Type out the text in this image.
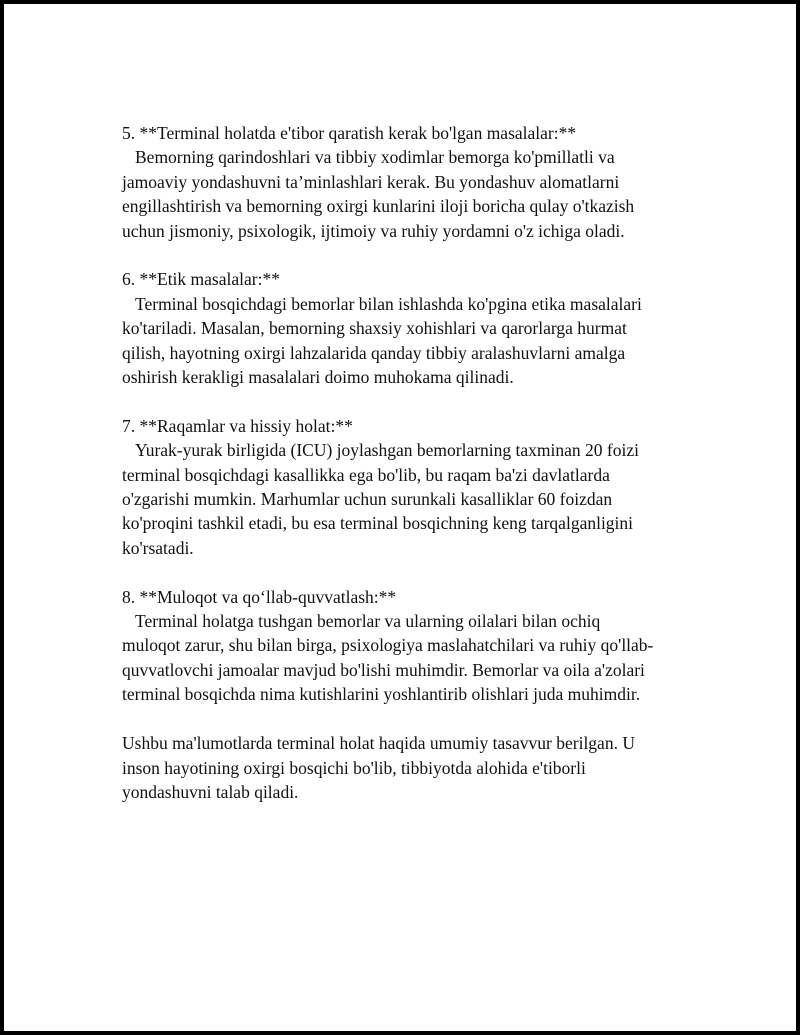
5. **Terminal holatda e'tibor qaratish kerak bo'lgan masalalar:**
Bemorning qarindoshlari va tibbiy xodimlar bemorga ko'pmillatli va
jamoaviy yondashuvni ta’minlashlari kerak. Bu yondashuv alomatlarni
engillashtirish va bemorning oxirgi kunlarini iloji boricha qulay o'tkazish
uchun jismoniy, psixologik, ijtimoiy va ruhiy yordamni o'z ichiga oladi.
6. **Etik masalalar:**
Terminal bosqichdagi bemorlar bilan ishlashda ko'pgina etika masalalari
ko'tariladi. Masalan, bemorning shaxsiy xohishlari va qarorlarga hurmat
qilish, hayotning oxirgi lahzalarida qanday tibbiy aralashuvlarni amalga
oshirish kerakligi masalalari doimo muhokama qilinadi.
7. **Raqamlar va hissiy holat:**
Yurak-yurak birligida (ICU) joylashgan bemorlarning taxminan 20 foizi
terminal bosqichdagi kasallikka ega bo'lib, bu raqam ba'zi davlatlarda
o'zgarishi mumkin. Marhumlar uchun surunkali kasalliklar 60 foizdan
ko'proqini tashkil etadi, bu esa terminal bosqichning keng tarqalganligini
ko'rsatadi.
8. **Muloqot va qo‘llab-quvvatlash:**
Terminal holatga tushgan bemorlar va ularning oilalari bilan ochiq
muloqot zarur, shu bilan birga, psixologiya maslahatchilari va ruhiy qo'llab-
quvvatlovchi jamoalar mavjud bo'lishi muhimdir. Bemorlar va oila a'zolari
terminal bosqichda nima kutishlarini yoshlantirib olishlari juda muhimdir.
Ushbu ma'lumotlarda terminal holat haqida umumiy tasavvur berilgan. U
inson hayotining oxirgi bosqichi bo'lib, tibbiyotda alohida e'tiborli
yondashuvni talab qiladi.
